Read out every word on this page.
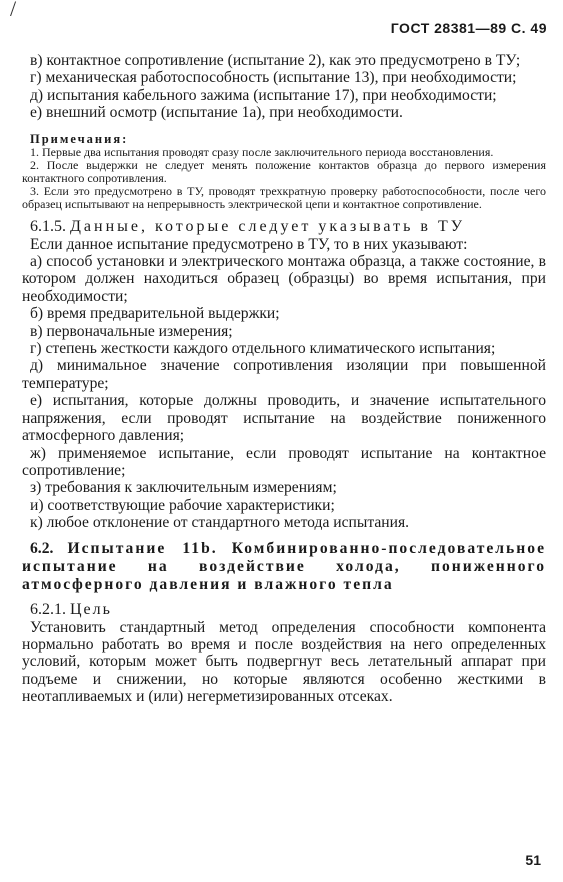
/
ГОСТ 28381—89 С. 49

в) контактное сопротивление (испытание 2), как это предусмотрено в ТУ;

г) механическая работоспособность (испытание 13), при необходимости;

д) испытания кабельного зажима (испытание 17), при необходимости;

е) внешний осмотр (испытание 1а), при необходимости.

Примечания:

1. Первые два испытания проводят сразу после заключительного периода восстановления.

2. После выдержки не следует менять положение контактов образца до первого измерения контактного сопротивления.

3. Если это предусмотрено в ТУ, проводят трехкратную проверку работоспособности, после чего образец испытывают на непрерывность электрической цепи и контактное сопротивление.

6.1.5. Данные, которые следует указывать в ТУ

Если данное испытание предусмотрено в ТУ, то в них указывают:

а) способ установки и электрического монтажа образца, а также состояние, в котором должен находиться образец (образцы) во время испытания, при необходимости;

б) время предварительной выдержки;

в) первоначальные измерения;

г) степень жесткости каждого отдельного климатического испытания;

д) минимальное значение сопротивления изоляции при повышенной температуре;

е) испытания, которые должны проводить, и значение испытательного напряжения, если проводят испытание на воздействие пониженного атмосферного давления;

ж) применяемое испытание, если проводят испытание на контактное сопротивление;

з) требования к заключительным измерениям;

и) соответствующие рабочие характеристики;

к) любое отклонение от стандартного метода испытания.

6.2. Испытание 11b. Комбинированно-последовательное испытание на воздействие холода, пониженного атмосферного давления и влажного тепла

6.2.1. Цель

Установить стандартный метод определения способности компонента нормально работать во время и после воздействия на него определенных условий, которым может быть подвергнут весь летательный аппарат при подъеме и снижении, но которые являются особенно жесткими в неотапливаемых и (или) негерметизированных отсеках.

51
